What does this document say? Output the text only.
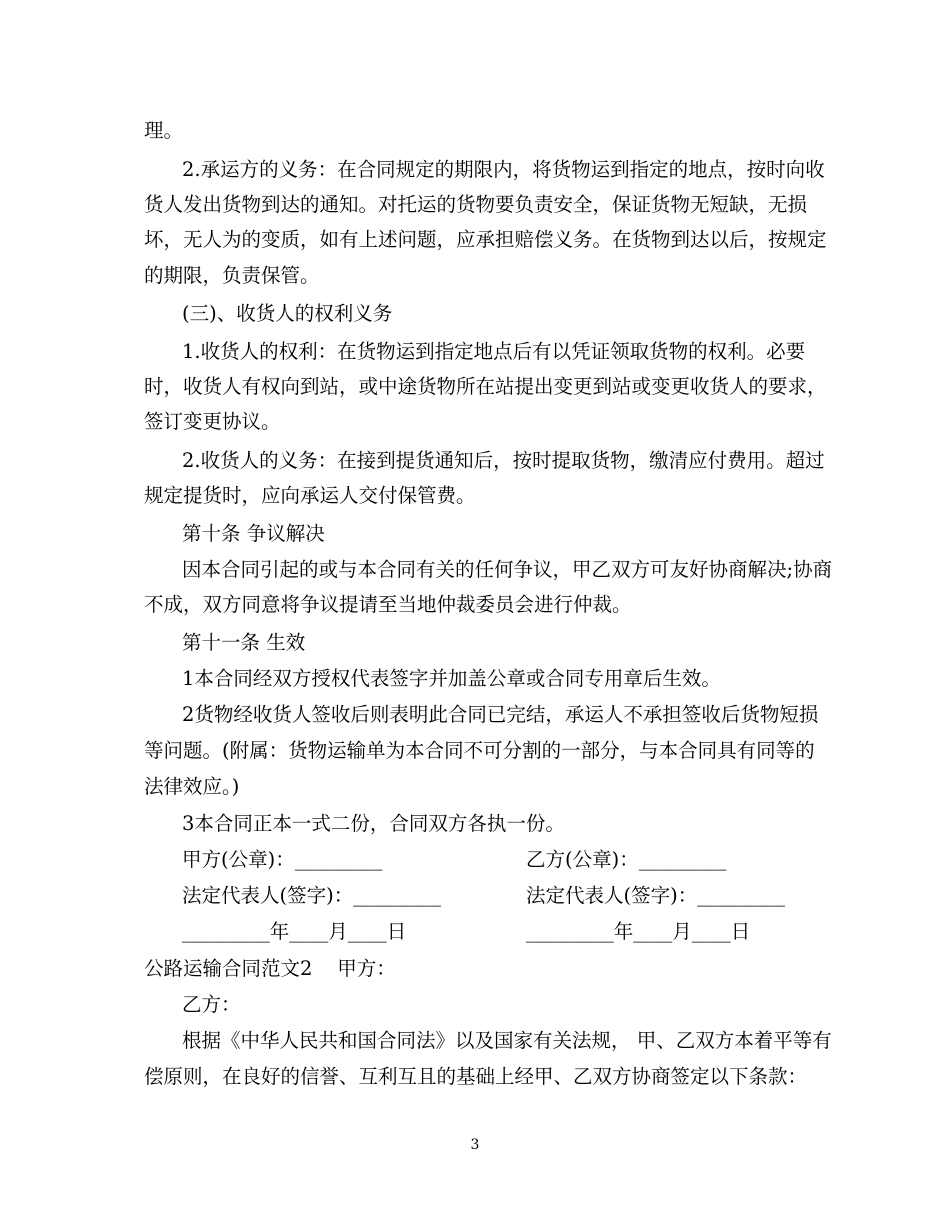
理。
2.承运方的义务：在合同规定的期限内，将货物运到指定的地点，按时向收
货人发出货物到达的通知。对托运的货物要负责安全，保证货物无短缺，无损
坏，无人为的变质，如有上述问题，应承担赔偿义务。在货物到达以后，按规定
的期限，负责保管。
(三)、收货人的权利义务
1.收货人的权利：在货物运到指定地点后有以凭证领取货物的权利。必要
时，收货人有权向到站，或中途货物所在站提出变更到站或变更收货人的要求，
签订变更协议。
2.收货人的义务：在接到提货通知后，按时提取货物，缴清应付费用。超过
规定提货时，应向承运人交付保管费。
第十条 争议解决
因本合同引起的或与本合同有关的任何争议，甲乙双方可友好协商解决;协商
不成，双方同意将争议提请至当地仲裁委员会进行仲裁。
第十一条 生效
1本合同经双方授权代表签字并加盖公章或合同专用章后生效。
2货物经收货人签收后则表明此合同已完结，承运人不承担签收后货物短损
等问题。(附属：货物运输单为本合同不可分割的一部分，与本合同具有同等的
法律效应。)
3本合同正本一式二份，合同双方各执一份。
甲方(公章)：_________	乙方(公章)：_________
法定代表人(签字)：_________	法定代表人(签字)：_________
_________年____月____日	_________年____月____日
公路运输合同范文2    甲方：
乙方：
根据《中华人民共和国合同法》以及国家有关法规， 甲、乙双方本着平等有
偿原则，在良好的信誉、互利互且的基础上经甲、乙双方协商签定以下条款：
3
